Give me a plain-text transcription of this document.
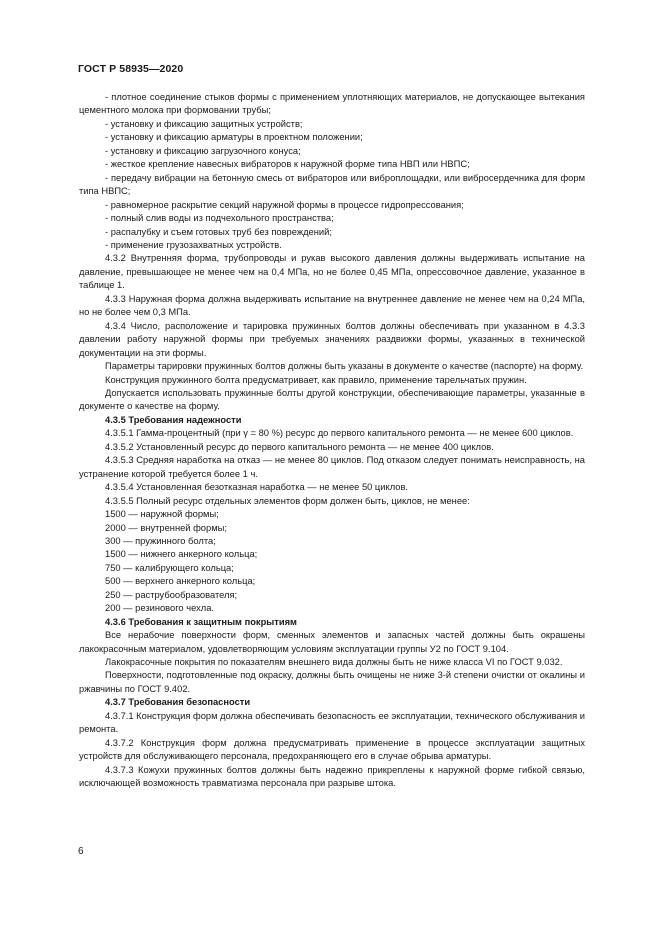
ГОСТ Р 58935—2020

- плотное соединение стыков формы с применением уплотняющих материалов, не допускающее вытекания цементного молока при формовании трубы;

- установку и фиксацию защитных устройств;

- установку и фиксацию арматуры в проектном положении;

- установку и фиксацию загрузочного конуса;

- жесткое крепление навесных вибраторов к наружной форме типа НВП или НВПС;

- передачу вибрации на бетонную смесь от вибраторов или виброплощадки, или вибросердечника для форм типа НВПС;

- равномерное раскрытие секций наружной формы в процессе гидропрессования;

- полный слив воды из подчехольного пространства;

- распалубку и съем готовых труб без повреждений;

- применение грузозахватных устройств.

4.3.2 Внутренняя форма, трубопроводы и рукав высокого давления должны выдерживать испытание на давление, превышающее не менее чем на 0,4 МПа, но не более 0,45 МПа, опрессовочное давление, указанное в таблице 1.

4.3.3 Наружная форма должна выдерживать испытание на внутреннее давление не менее чем на 0,24 МПа, но не более чем 0,3 МПа.

4.3.4 Число, расположение и тарировка пружинных болтов должны обеспечивать при указанном в 4.3.3 давлении работу наружной формы при требуемых значениях раздвижки формы, указанных в технической документации на эти формы.

Параметры тарировки пружинных болтов должны быть указаны в документе о качестве (паспорте) на форму.

Конструкция пружинного болта предусматривает, как правило, применение тарельчатых пружин.

Допускается использовать пружинные болты другой конструкции, обеспечивающие параметры, указанные в документе о качестве на форму.

4.3.5 Требования надежности

4.3.5.1 Гамма-процентный (при γ = 80 %) ресурс до первого капитального ремонта — не менее 600 циклов.

4.3.5.2 Установленный ресурс до первого капитального ремонта — не менее 400 циклов.

4.3.5.3 Средняя наработка на отказ — не менее 80 циклов. Под отказом следует понимать неисправность, на устранение которой требуется более 1 ч.

4.3.5.4 Установленная безотказная наработка — не менее 50 циклов.

4.3.5.5 Полный ресурс отдельных элементов форм должен быть, циклов, не менее:

1500 — наружной формы;

2000 — внутренней формы;

300 — пружинного болта;

1500 — нижнего анкерного кольца;

750 — калибрующего кольца;

500 — верхнего анкерного кольца;

250 — раструбообразователя;

200 — резинового чехла.

4.3.6 Требования к защитным покрытиям

Все нерабочие поверхности форм, сменных элементов и запасных частей должны быть окрашены лакокрасочным материалом, удовлетворяющим условиям эксплуатации группы У2 по ГОСТ 9.104.

Лакокрасочные покрытия по показателям внешнего вида должны быть не ниже класса VI по ГОСТ 9.032.

Поверхности, подготовленные под окраску, должны быть очищены не ниже 3-й степени очистки от окалины и ржавчины по ГОСТ 9.402.

4.3.7 Требования безопасности

4.3.7.1 Конструкция форм должна обеспечивать безопасность ее эксплуатации, технического обслуживания и ремонта.

4.3.7.2 Конструкция форм должна предусматривать применение в процессе эксплуатации защитных устройств для обслуживающего персонала, предохраняющего его в случае обрыва арматуры.

4.3.7.3 Кожухи пружинных болтов должны быть надежно прикреплены к наружной форме гибкой связью, исключающей возможность травматизма персонала при разрыве штока.

6
